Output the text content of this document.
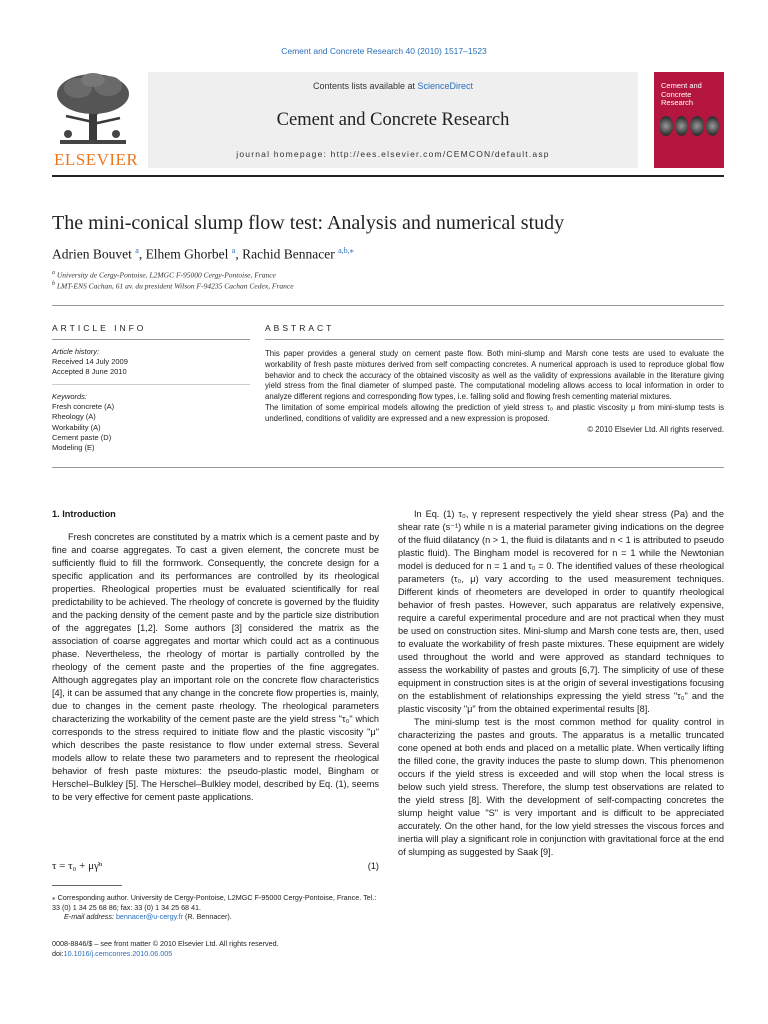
Cement and Concrete Research 40 (2010) 1517–1523
ELSEVIER
Contents lists available at ScienceDirect
Cement and Concrete Research
journal homepage: http://ees.elsevier.com/CEMCON/default.asp
Cement and
Concrete
Research
The mini-conical slump flow test: Analysis and numerical study
Adrien Bouvet $^a$, Elhem Ghorbel $^a$, Rachid Bennacer $^{a,b,⁎}$
$^a$ University de Cergy-Pontoise, L2MGC F-95000 Cergy-Pontoise, France
$^b$ LMT-ENS Cachan, 61 av. du president Wilson F-94235 Cachan Cedex, France
ARTICLE INFO
Article history:
Received 14 July 2009
Accepted 8 June 2010
Keywords:
Fresh concrete (A)
Rheology (A)
Workability (A)
Cement paste (D)
Modeling (E)
ABSTRACT
This paper provides a general study on cement paste flow. Both mini-slump and Marsh cone tests are used to evaluate the workability of fresh paste mixtures derived from self compacting concretes. A numerical approach is used to reproduce global flow behavior and to check the accuracy of the obtained viscosity as well as the validity of expressions available in the literature giving yield stress from the final diameter of slumped paste. The computational modeling allows access to local information in order to analyze different regions and corresponding flow types, i.e. falling solid and flowing fresh cementing material mixtures.
The limitation of some empirical models allowing the prediction of yield stress τ₀ and plastic viscosity μ from mini-slump tests is underlined, conditions of validity are expressed and a new expression is proposed.
© 2010 Elsevier Ltd. All rights reserved.
1. Introduction

Fresh concretes are constituted by a matrix which is a cement paste and by fine and coarse aggregates. To cast a given element, the concrete must be sufficiently fluid to fill the formwork. Consequently, the concrete design for a specific application and its performances are controlled by its rheological properties. Rheological properties must be evaluated scientifically for real predictability to be achieved. The rheology of concrete is governed by the fluidity and the packing density of the cement paste and by the particle size distribution of the aggregates [1,2]. Some authors [3] considered the matrix as the association of coarse aggregates and mortar which could act as a continuous phase. Nevertheless, the rheology of mortar is partially controlled by the rheology of the cement paste and the properties of the fine aggregates. Although aggregates play an important role on the concrete flow characteristics [4], it can be assumed that any change in the concrete flow properties is, mainly, due to changes in the cement paste rheology. The rheological parameters characterizing the workability of the cement paste are the yield stress "τ₀" which corresponds to the stress required to initiate flow and the plastic viscosity "μ" which describes the paste resistance to flow under external stress. Several models allow to relate these two parameters and to represent the rheological behavior of fresh paste mixtures: the pseudo-plastic model, Bingham or Herschel–Bulkley [5]. The Herschel–Bulkley model, described by Eq. (1), seems to be very effective for cement paste applications.

τ = τ₀ + μγ̇ⁿ	(1)
⁎ Corresponding author. University de Cergy-Pontoise, L2MGC F-95000 Cergy-Pontoise, France. Tel.: 33 (0) 1 34 25 68 86; fax: 33 (0) 1 34 25 68 41.
E-mail address: bennacer@u-cergy.fr (R. Bennacer).
0008-8846/$ – see front matter © 2010 Elsevier Ltd. All rights reserved.
doi:10.1016/j.cemconres.2010.06.005

In Eq. (1) τ₀, γ represent respectively the yield shear stress (Pa) and the shear rate (s⁻¹) while n is a material parameter giving indications on the degree of the fluid dilatancy (n > 1, the fluid is dilatants and n < 1 is attributed to pseudo plastic fluid). The Bingham model is recovered for n = 1 while the Newtonian model is deduced for n = 1 and τ₀ = 0. The identified values of these rheological parameters (τ₀, μ) vary according to the used measurement techniques. Different kinds of rheometers are developed in order to quantify rheological behavior of fresh pastes. However, such apparatus are relatively expensive, require a careful experimental procedure and are not practical when they must be used on construction sites. Mini-slump and Marsh cone tests are, then, used to evaluate the workability of fresh paste mixtures. These equipment are widely used throughout the world and were approved as standard techniques to assess the workability of pastes and grouts [6,7]. The simplicity of use of these equipment in construction sites is at the origin of several investigations focusing on the establishment of relationships expressing the yield stress "τ₀" and the plastic viscosity "μ" from the obtained experimental results [8].

The mini-slump test is the most common method for quality control in characterizing the pastes and grouts. The apparatus is a metallic truncated cone opened at both ends and placed on a metallic plate. When vertically lifting the filled cone, the gravity induces the paste to slump down. This phenomenon occurs if the yield stress is exceeded and will stop when the local stress is below such yield stress. Therefore, the slump test observations are related to the yield stress [8]. With the development of self-compacting concretes the slump height value "S" is very important and is difficult to be appreciated accurately. On the other hand, for the low yield stresses the viscous forces and inertia will play a significant role in conjunction with gravitational force at the end of slumping as suggested by Saak [9].
